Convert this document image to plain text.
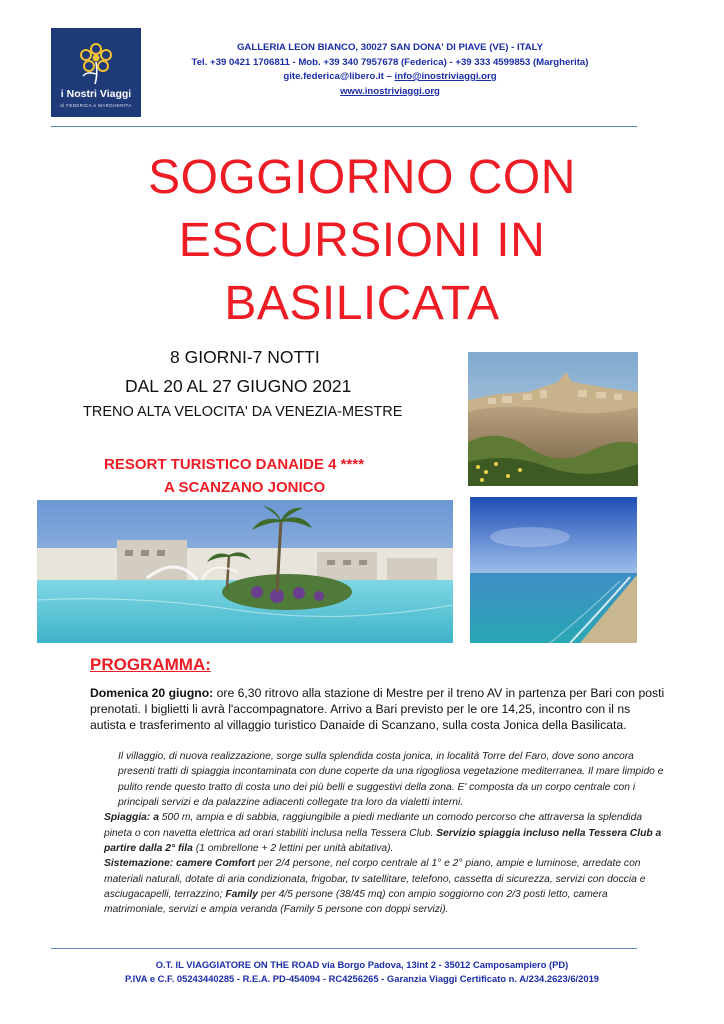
i Nostri Viaggi
di FEDERICA e MARGHERITA
GALLERIA LEON BIANCO, 30027 SAN DONA' DI PIAVE (VE) - ITALY
Tel. +39 0421 1706811 - Mob. +39 340 7957678 (Federica) - +39 333 4599853 (Margherita)
gite.federica@libero.it – info@inostriviaggi.org
www.inostriviaggi.org
SOGGIORNO CON
ESCURSIONI IN
BASILICATA
8 GIORNI-7 NOTTI
DAL 20 AL 27 GIUGNO 2021
TRENO ALTA VELOCITA' DA VENEZIA-MESTRE
RESORT TURISTICO DANAIDE 4 ****
A SCANZANO JONICO
PROGRAMMA:
Domenica 20 giugno: ore 6,30 ritrovo alla stazione di Mestre per il treno AV in partenza per Bari con posti prenotati. I biglietti li avrà l'accompagnatore. Arrivo a Bari previsto per le ore 14,25, incontro con il ns autista e trasferimento al villaggio turistico Danaide di Scanzano, sulla costa Jonica della Basilicata.

Il villaggio, di nuova realizzazione, sorge sulla splendida costa jonica, in località Torre del Faro, dove sono ancora presenti tratti di spiaggia incontaminata con dune coperte da una rigogliosa vegetazione mediterranea. Il mare limpido e pulito rende questo tratto di costa uno dei più belli e suggestivi della zona. E' composta da un corpo centrale con i principali servizi e da palazzine adiacenti collegate tra loro da vialetti interni.

Spiaggia: a 500 m, ampia e di sabbia, raggiungibile a piedi mediante un comodo percorso che attraversa la splendida pineta o con navetta elettrica ad orari stabiliti inclusa nella Tessera Club. Servizio spiaggia incluso nella Tessera Club a partire dalla 2° fila (1 ombrellone + 2 lettini per unità abitativa).

Sistemazione: camere Comfort per 2/4 persone, nel corpo centrale al 1° e 2° piano, ampie e luminose, arredate con materiali naturali, dotate di aria condizionata, frigobar, tv satellitare, telefono, cassetta di sicurezza, servizi con doccia e asciugacapelli, terrazzino; Family per 4/5 persone (38/45 mq) con ampio soggiorno con 2/3 posti letto, camera matrimoniale, servizi e ampia veranda (Family 5 persone con doppi servizi).

O.T. IL VIAGGIATORE ON THE ROAD via Borgo Padova, 13int 2 - 35012 Camposampiero (PD)
P.IVA e C.F. 05243440285 - R.E.A. PD-454094 - RC4256265 - Garanzia Viaggi Certificato n. A/234.2623/6/2019
